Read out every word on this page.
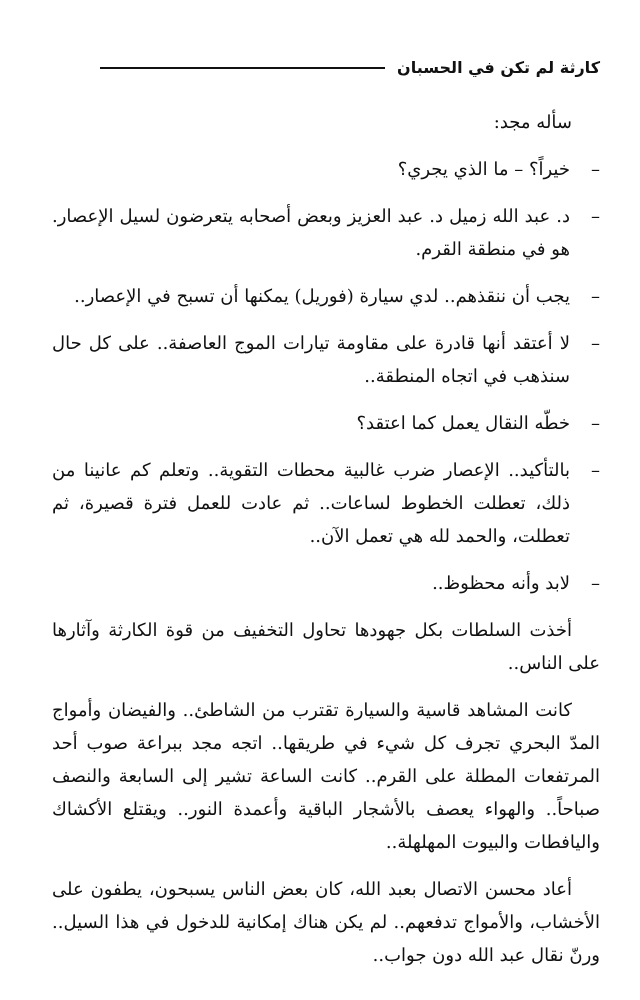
كارثة لم تكن في الحسبان

سأله مجد:

–

خيراً؟ – ما الذي يجري؟

–

د. عبد الله زميل د. عبد العزيز وبعض أصحابه يتعرضون لسيل الإعصار. هو في منطقة القرم.

–

يجب أن ننقذهم.. لدي سيارة (فوريل) يمكنها أن تسبح في الإعصار..

–

لا أعتقد أنها قادرة على مقاومة تيارات الموج العاصفة.. على كل حال سنذهب في اتجاه المنطقة..

–

خطّه النقال يعمل كما اعتقد؟

–

بالتأكيد.. الإعصار ضرب غالبية محطات التقوية.. وتعلم كم عانينا من ذلك، تعطلت الخطوط لساعات.. ثم عادت للعمل فترة قصيرة، ثم تعطلت، والحمد لله هي تعمل الآن..

–

لابد وأنه محظوظ..

أخذت السلطات بكل جهودها تحاول التخفيف من قوة الكارثة وآثارها على الناس..

كانت المشاهد قاسية والسيارة تقترب من الشاطئ.. والفيضان وأمواج المدّ البحري تجرف كل شيء في طريقها.. اتجه مجد ببراعة صوب أحد المرتفعات المطلة على القرم.. كانت الساعة تشير إلى السابعة والنصف صباحاً.. والهواء يعصف بالأشجار الباقية وأعمدة النور.. ويقتلع الأكشاك واليافطات والبيوت المهلهلة..

أعاد محسن الاتصال بعبد الله، كان بعض الناس يسبحون، يطفون على الأخشاب، والأمواج تدفعهم.. لم يكن هناك إمكانية للدخول في هذا السيل.. ورنّ نقال عبد الله دون جواب..
